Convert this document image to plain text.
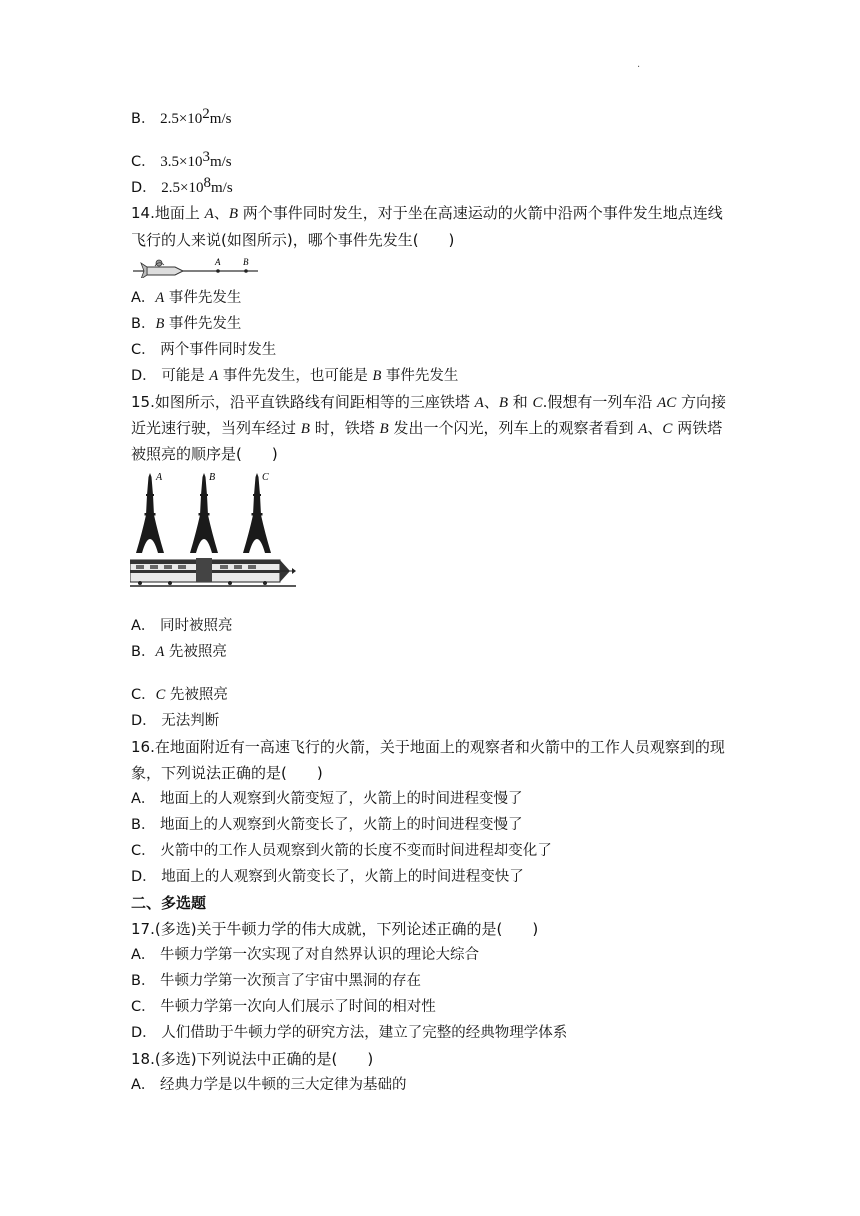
·
B． $2.5\times 10^2m/s$
C． $3.5\times 10^3m/s$
D． $2.5\times 10^8m/s$
14.地面上 A、B 两个事件同时发生，对于坐在高速运动的火箭中沿两个事件发生地点连线
飞行的人来说(如图所示)，哪个事件先发生(　　)
A	B
A．A 事件先发生
B．B 事件先发生
C． 两个事件同时发生
D． 可能是 A 事件先发生，也可能是 B 事件先发生
15.如图所示，沿平直铁路线有间距相等的三座铁塔 A、B 和 C.假想有一列车沿 AC 方向接
近光速行驶，当列车经过 B 时，铁塔 B 发出一个闪光，列车上的观察者看到 A、C 两铁塔
被照亮的顺序是(　　)
A	B	C
A． 同时被照亮
B．A 先被照亮
C．C 先被照亮
D． 无法判断
16.在地面附近有一高速飞行的火箭，关于地面上的观察者和火箭中的工作人员观察到的现
象，下列说法正确的是(　　)
A． 地面上的人观察到火箭变短了，火箭上的时间进程变慢了
B． 地面上的人观察到火箭变长了，火箭上的时间进程变慢了
C． 火箭中的工作人员观察到火箭的长度不变而时间进程却变化了
D． 地面上的人观察到火箭变长了，火箭上的时间进程变快了
二、多选题
17.(多选)关于牛顿力学的伟大成就，下列论述正确的是(　　)
A． 牛顿力学第一次实现了对自然界认识的理论大综合
B． 牛顿力学第一次预言了宇宙中黑洞的存在
C． 牛顿力学第一次向人们展示了时间的相对性
D． 人们借助于牛顿力学的研究方法，建立了完整的经典物理学体系
18.(多选)下列说法中正确的是(　　)
A． 经典力学是以牛顿的三大定律为基础的
